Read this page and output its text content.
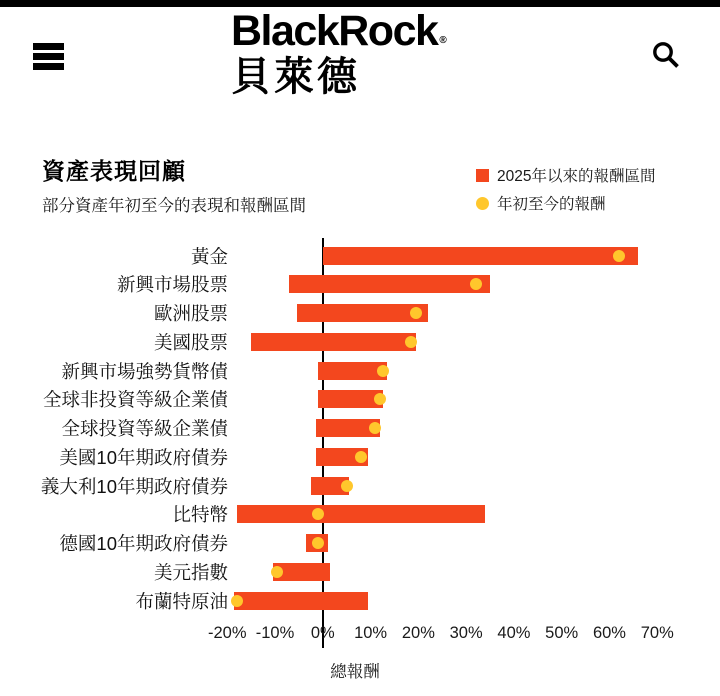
BlackRock ®
貝萊德
資產表現回顧

部分資產年初至今的表現和報酬區間

2025年以來的報酬區間
年初至今的報酬
黃金
新興市場股票
歐洲股票
美國股票
新興市場強勢貨幣債
全球非投資等級企業債
全球投資等級企業債
美國10年期政府債券
義大利10年期政府債券
比特幣
德國10年期政府債券
美元指數
布蘭特原油
-20% -10% 0% 10% 20% 30% 40% 50% 60% 70%
總報酬
